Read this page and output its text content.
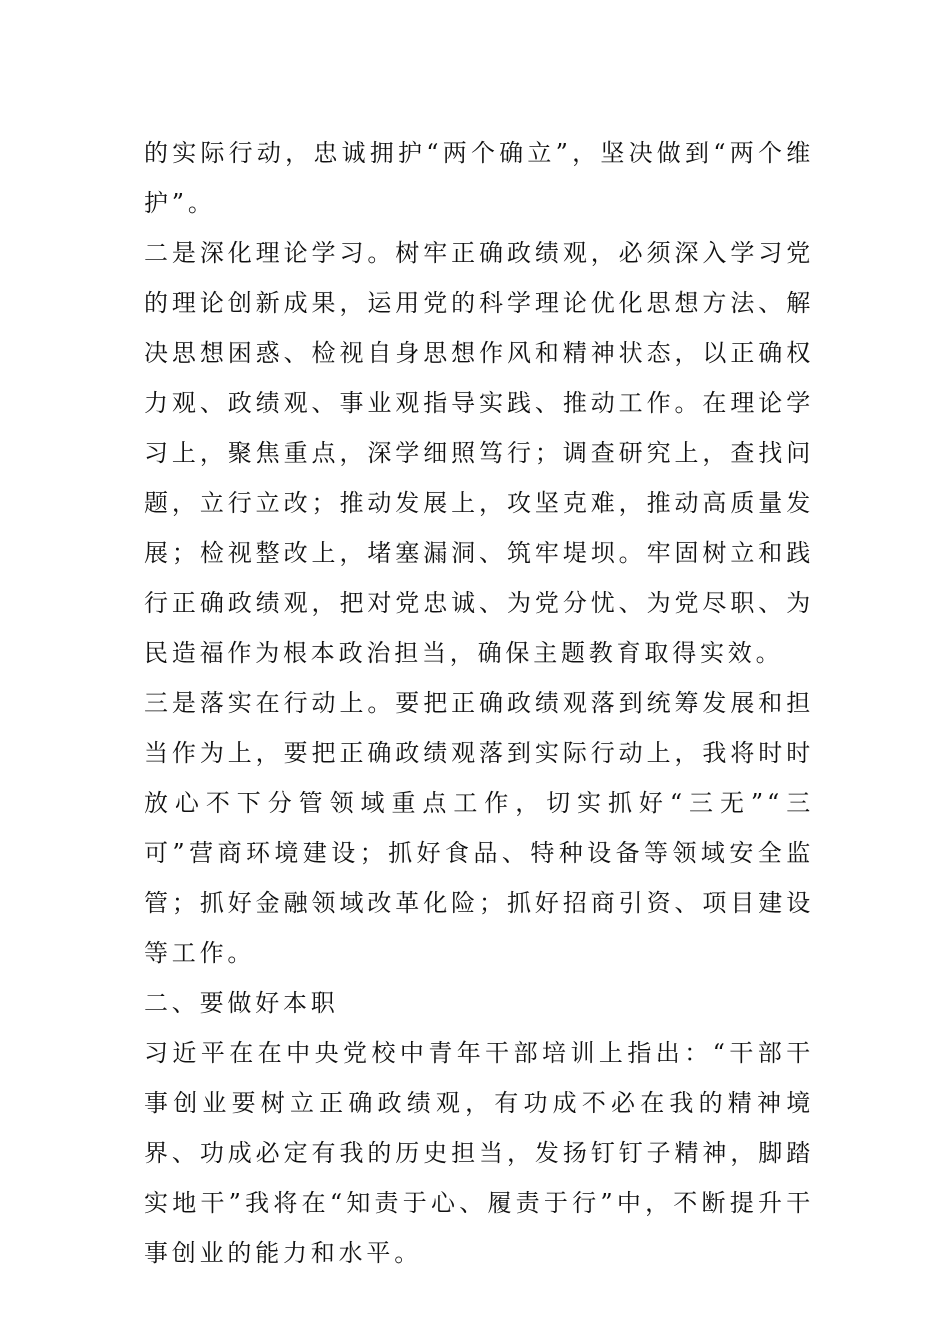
的实际行动，忠诚拥护“两个确立”，坚决做到“两个维护”。

二是深化理论学习。树牢正确政绩观，必须深入学习党的理论创新成果，运用党的科学理论优化思想方法、解决思想困惑、检视自身思想作风和精神状态，以正确权力观、政绩观、事业观指导实践、推动工作。在理论学习上，聚焦重点，深学细照笃行；调查研究上，查找问题，立行立改；推动发展上，攻坚克难，推动高质量发展；检视整改上，堵塞漏洞、筑牢堤坝。牢固树立和践行正确政绩观，把对党忠诚、为党分忧、为党尽职、为民造福作为根本政治担当，确保主题教育取得实效。

三是落实在行动上。要把正确政绩观落到统筹发展和担当作为上，要把正确政绩观落到实际行动上，我将时时放心不下分管领域重点工作，切实抓好“三无”“三可”营商环境建设；抓好食品、特种设备等领域安全监管；抓好金融领域改革化险；抓好招商引资、项目建设等工作。

二、要做好本职

习近平在在中央党校中青年干部培训上指出：“干部干事创业要树立正确政绩观，有功成不必在我的精神境界、功成必定有我的历史担当，发扬钉钉子精神，脚踏实地干”我将在“知责于心、履责于行”中，不断提升干事创业的能力和水平。
